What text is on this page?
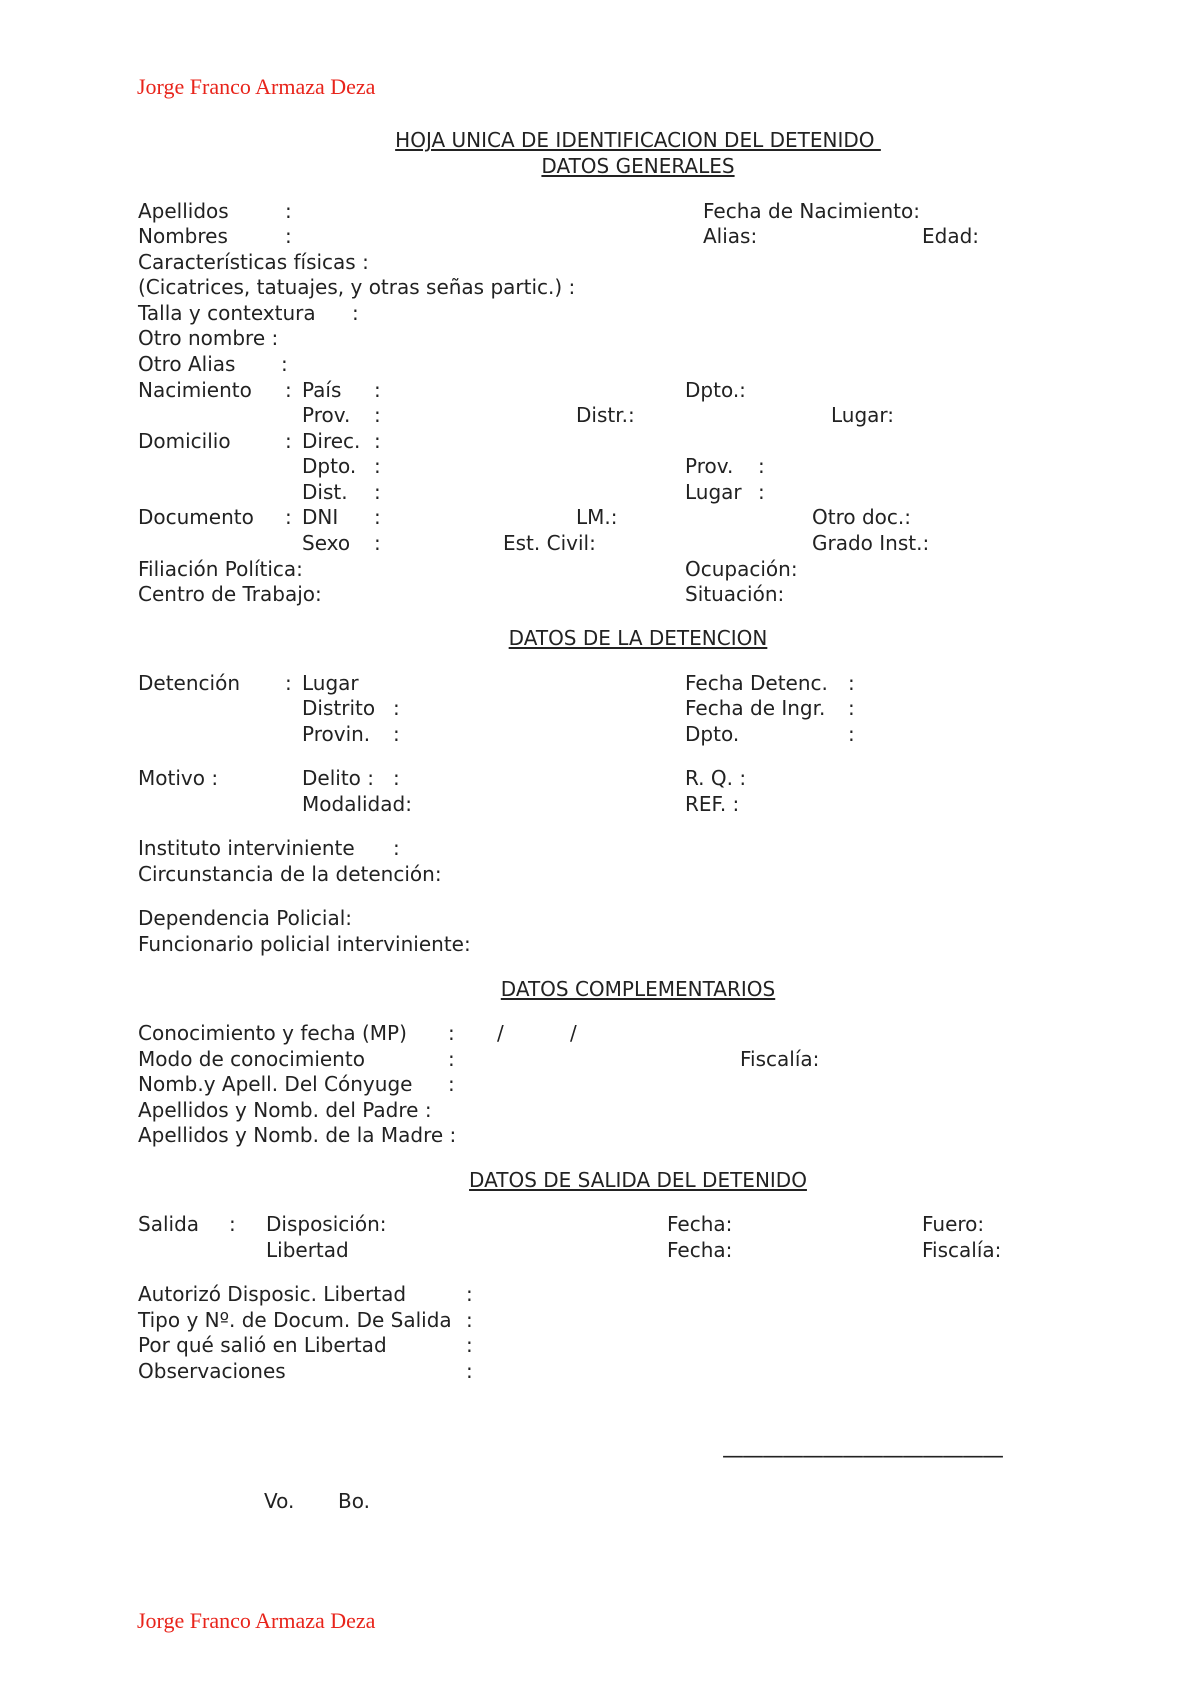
Jorge Franco Armaza Deza
Jorge Franco Armaza Deza
HOJA UNICA DE IDENTIFICACION DEL DETENIDO
DATOS GENERALES
Apellidos	:	Fecha de Nacimiento:
Nombres	:	Alias:	Edad:
Características físicas :
(Cicatrices, tatuajes, y otras señas partic.) :
Talla y contextura :
Otro nombre :
Otro Alias :
Nacimiento : País :	Dpto.:
Prov. :	Distr.:	Lugar:
Domicilio	: Direc. :
Dpto. :	Prov. :
Dist. :	Lugar :
Documento : DNI :	LM.:	Otro doc.:
Sexo :	Est. Civil:	Grado Inst.:
Filiación Política:	Ocupación:
Centro de Trabajo:	Situación:
DATOS DE LA DETENCION
Detención : Lugar	Fecha Detenc. :
Distrito :	Fecha de Ingr. :
Provin. :	Dpto.	:
Motivo :	Delito : :	R. Q. :
Modalidad:	REF. :
Instituto interviniente :
Circunstancia de la detención:
Dependencia Policial:
Funcionario policial interviniente:
DATOS COMPLEMENTARIOS
Conocimiento y fecha (MP) : /	/
Modo de conocimiento	:	Fiscalía:
Nomb.y Apell. Del Cónyuge :
Apellidos y Nomb. del Padre :
Apellidos y Nomb. de la Madre :
DATOS DE SALIDA DEL DETENIDO
Salida : Disposición:	Fecha:	Fuero:
Libertad	Fecha:	Fiscalía:
Autorizó Disposic. Libertad	:
Tipo y Nº. de Docum. De Salida :
Por qué salió en Libertad	:
Observaciones	:
——————————————
Vo. Bo.
